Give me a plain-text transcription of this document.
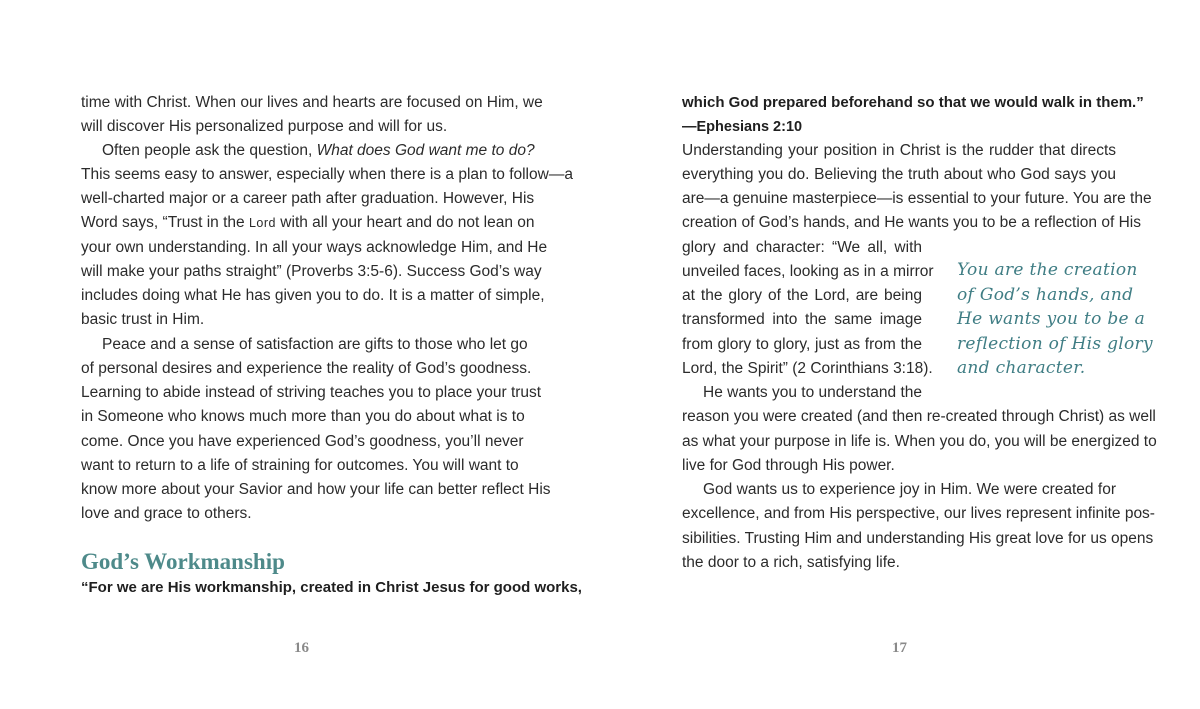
time with Christ. When our lives and hearts are focused on Him, we
will discover His personalized purpose and will for us.
Often people ask the question, What does God want me to do?
This seems easy to answer, especially when there is a plan to follow—a
well-charted major or a career path after graduation. However, His
Word says, “Trust in the Lord with all your heart and do not lean on
your own understanding. In all your ways acknowledge Him, and He
will make your paths straight” (Proverbs 3:5-6). Success God’s way
includes doing what He has given you to do. It is a matter of simple,
basic trust in Him.
Peace and a sense of satisfaction are gifts to those who let go
of personal desires and experience the reality of God’s goodness.
Learning to abide instead of striving teaches you to place your trust
in Someone who knows much more than you do about what is to
come. Once you have experienced God’s goodness, you’ll never
want to return to a life of straining for outcomes. You will want to
know more about your Savior and how your life can better reflect His
love and grace to others.
God’s Workmanship
“For we are His workmanship, created in Christ Jesus for good works,
16
which God prepared beforehand so that we would walk in them.”
—Ephesians 2:10
Understanding your position in Christ is the rudder that directs
everything you do. Believing the truth about who God says you
are—a genuine masterpiece—is essential to your future. You are the
creation of God’s hands, and He wants you to be a reflection of His
glory and character: “We all, with
unveiled faces, looking as in a mirror
at the glory of the Lord, are being
transformed into the same image
from glory to glory, just as from the
Lord, the Spirit” (2 Corinthians 3:18).
He wants you to understand the
reason you were created (and then re-created through Christ) as well
as what your purpose in life is. When you do, you will be energized to
live for God through His power.
God wants us to experience joy in Him. We were created for
excellence, and from His perspective, our lives represent infinite pos-
sibilities. Trusting Him and understanding His great love for us opens
the door to a rich, satisfying life.
You are the creation
of God’s hands, and
He wants you to be a
reflection of His glory
and character.
17
